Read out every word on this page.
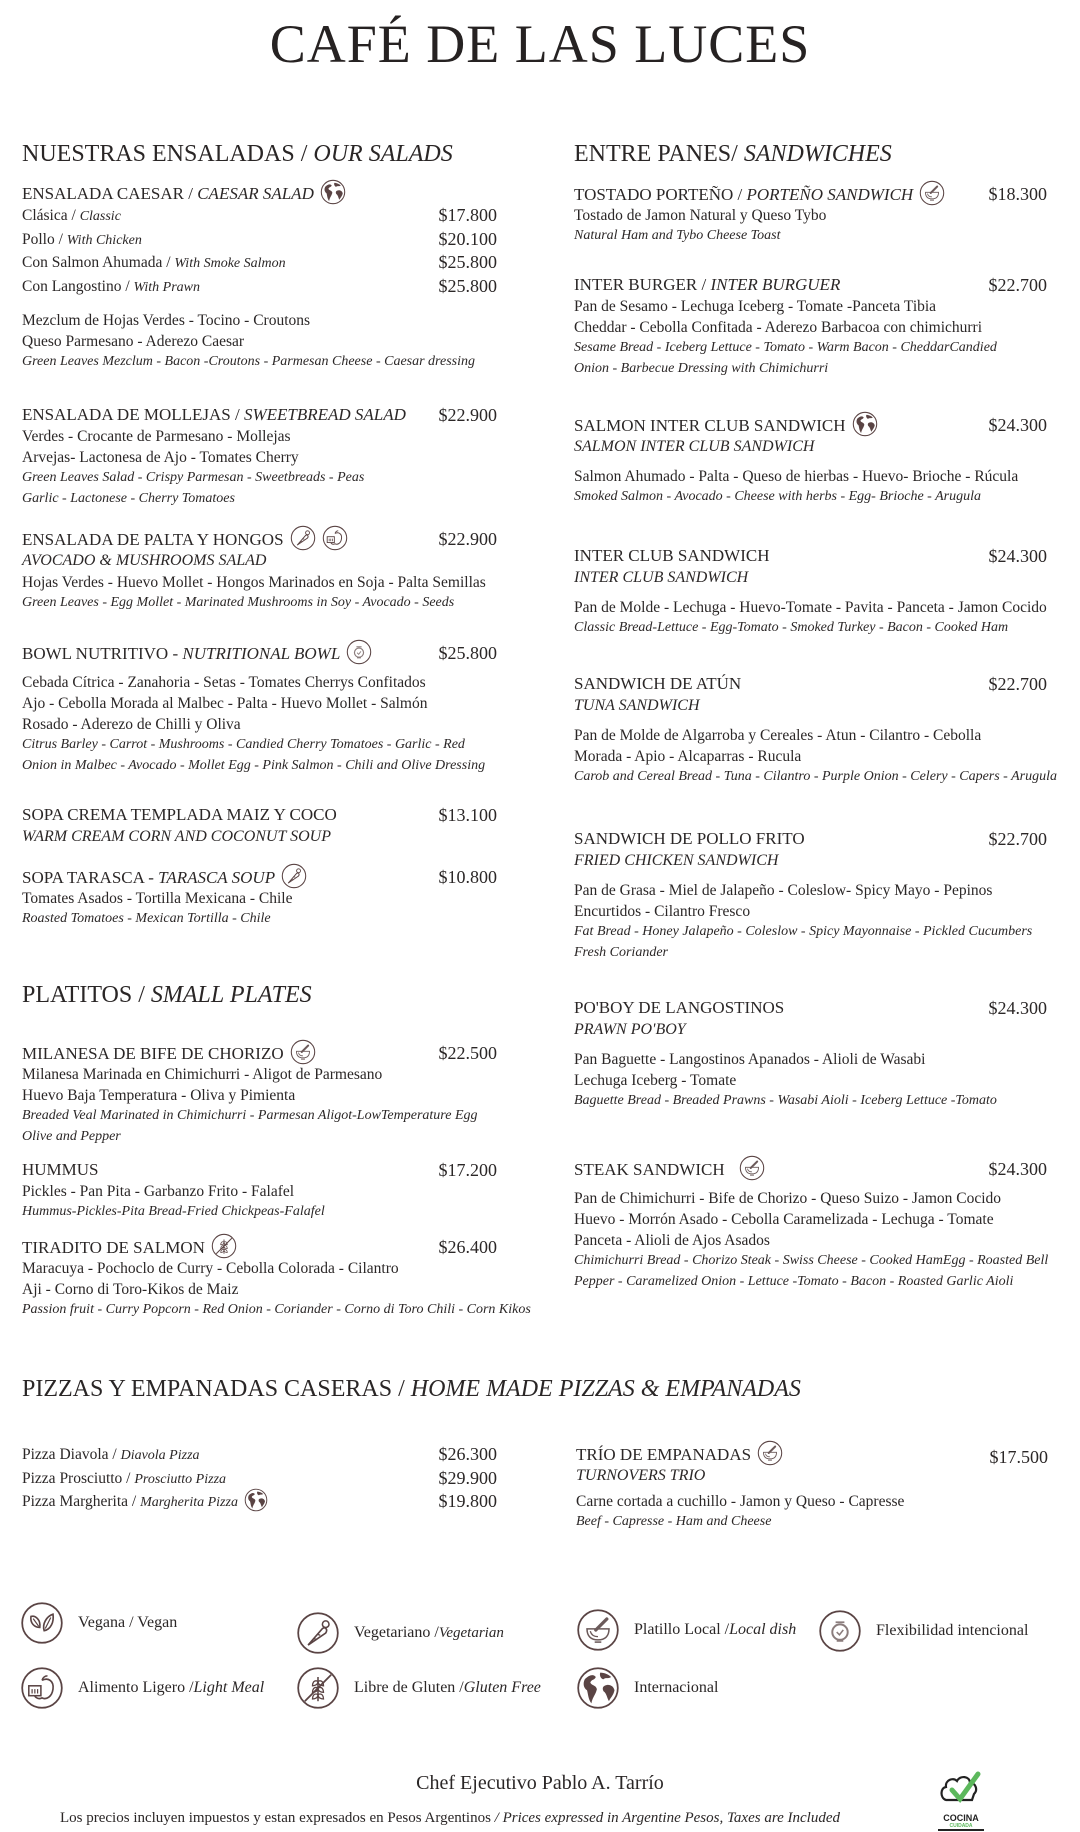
CAFÉ DE LAS LUCES
NUESTRAS ENSALADAS / OUR SALADS
ENSALADA CAESAR / CAESAR SALAD
Clásica / Classic	$17.800
Pollo / With Chicken	$20.100
Con Salmon Ahumada / With Smoke Salmon	$25.800
Con Langostino / With Prawn	$25.800
Mezclum de Hojas Verdes - Tocino - Croutons
Queso Parmesano - Aderezo Caesar
Green Leaves Mezclum - Bacon -Croutons - Parmesan Cheese - Caesar dressing
ENSALADA DE MOLLEJAS / SWEETBREAD SALAD $22.900
Verdes - Crocante de Parmesano - Mollejas
Arvejas- Lactonesa de Ajo - Tomates Cherry
Green Leaves Salad - Crispy Parmesan - Sweetbreads - Peas
Garlic - Lactonese - Cherry Tomatoes
ENSALADA DE PALTA Y HONGOS	$22.900
AVOCADO & MUSHROOMS SALAD
Hojas Verdes - Huevo Mollet - Hongos Marinados en Soja - Palta Semillas
Green Leaves - Egg Mollet - Marinated Mushrooms in Soy - Avocado - Seeds
BOWL NUTRITIVO - NUTRITIONAL BOWL	$25.800
Cebada Cítrica - Zanahoria - Setas - Tomates Cherrys Confitados
Ajo - Cebolla Morada al Malbec - Palta - Huevo Mollet - Salmón
Rosado - Aderezo de Chilli y Oliva
Citrus Barley - Carrot - Mushrooms - Candied Cherry Tomatoes - Garlic - Red
Onion in Malbec - Avocado - Mollet Egg - Pink Salmon - Chili and Olive Dressing
SOPA CREMA TEMPLADA MAIZ Y COCO	$13.100
WARM CREAM CORN AND COCONUT SOUP
SOPA TARASCA - TARASCA SOUP	$10.800
Tomates Asados - Tortilla Mexicana - Chile
Roasted Tomatoes - Mexican Tortilla - Chile
PLATITOS / SMALL PLATES
MILANESA DE BIFE DE CHORIZO	$22.500
Milanesa Marinada en Chimichurri - Aligot de Parmesano
Huevo Baja Temperatura - Oliva y Pimienta
Breaded Veal Marinated in Chimichurri - Parmesan Aligot-LowTemperature Egg
Olive and Pepper
HUMMUS	$17.200
Pickles - Pan Pita - Garbanzo Frito - Falafel
Hummus-Pickles-Pita Bread-Fried Chickpeas-Falafel
TIRADITO DE SALMON	$26.400
Maracuya - Pochoclo de Curry - Cebolla Colorada - Cilantro
Aji - Corno di Toro-Kikos de Maiz
Passion fruit - Curry Popcorn - Red Onion - Coriander - Corno di Toro Chili - Corn Kikos
ENTRE PANES/ SANDWICHES
TOSTADO PORTEÑO / PORTEÑO SANDWICH	$18.300
Tostado de Jamon Natural y Queso Tybo
Natural Ham and Tybo Cheese Toast
INTER BURGER / INTER BURGUER	$22.700
Pan de Sesamo - Lechuga Iceberg - Tomate -Panceta Tibia
Cheddar - Cebolla Confitada - Aderezo Barbacoa con chimichurri
Sesame Bread - Iceberg Lettuce - Tomato - Warm Bacon - CheddarCandied
Onion - Barbecue Dressing with Chimichurri
SALMON INTER CLUB SANDWICH	$24.300
SALMON INTER CLUB SANDWICH
Salmon Ahumado - Palta - Queso de hierbas - Huevo- Brioche - Rúcula
Smoked Salmon - Avocado - Cheese with herbs - Egg- Brioche - Arugula
INTER CLUB SANDWICH	$24.300
INTER CLUB SANDWICH
Pan de Molde - Lechuga - Huevo-Tomate - Pavita - Panceta - Jamon Cocido
Classic Bread-Lettuce - Egg-Tomato - Smoked Turkey - Bacon - Cooked Ham
SANDWICH DE ATÚN	$22.700
TUNA SANDWICH
Pan de Molde de Algarroba y Cereales - Atun - Cilantro - Cebolla
Morada - Apio - Alcaparras - Rucula
Carob and Cereal Bread - Tuna - Cilantro - Purple Onion - Celery - Capers - Arugula
SANDWICH DE POLLO FRITO	$22.700
FRIED CHICKEN SANDWICH
Pan de Grasa - Miel de Jalapeño - Coleslow- Spicy Mayo - Pepinos
Encurtidos - Cilantro Fresco
Fat Bread - Honey Jalapeño - Coleslow - Spicy Mayonnaise - Pickled Cucumbers
Fresh Coriander
PO'BOY DE LANGOSTINOS	$24.300
PRAWN PO'BOY
Pan Baguette - Langostinos Apanados - Alioli de Wasabi
Lechuga Iceberg - Tomate
Baguette Bread - Breaded Prawns - Wasabi Aioli - Iceberg Lettuce -Tomato
STEAK SANDWICH	$24.300
Pan de Chimichurri - Bife de Chorizo - Queso Suizo - Jamon Cocido
Huevo - Morrón Asado - Cebolla Caramelizada - Lechuga - Tomate
Panceta - Alioli de Ajos Asados
Chimichurri Bread - Chorizo Steak - Swiss Cheese - Cooked HamEgg - Roasted Bell
Pepper - Caramelized Onion - Lettuce -Tomato - Bacon - Roasted Garlic Aioli
PIZZAS Y EMPANADAS CASERAS / HOME MADE PIZZAS & EMPANADAS
Pizza Diavola / Diavola Pizza	$26.300
Pizza Prosciutto / Prosciutto Pizza	$29.900
Pizza Margherita / Margherita Pizza	$19.800
TRÍO DE EMPANADAS	$17.500
TURNOVERS TRIO
Carne cortada a cuchillo - Jamon y Queso - Capresse
Beef - Capresse - Ham and Cheese
Vegana / Vegan
Vegetariano / Vegetarian	Platillo Local / Local dish	Flexibilidad intencional
Alimento Ligero / Light Meal	Libre de Gluten / Gluten Free	Internacional
Chef Ejecutivo Pablo A. Tarrío
Los precios incluyen impuestos y estan expresados en Pesos Argentinos / Prices expressed in Argentine Pesos, Taxes are Included	COCINA
CUIDADA
